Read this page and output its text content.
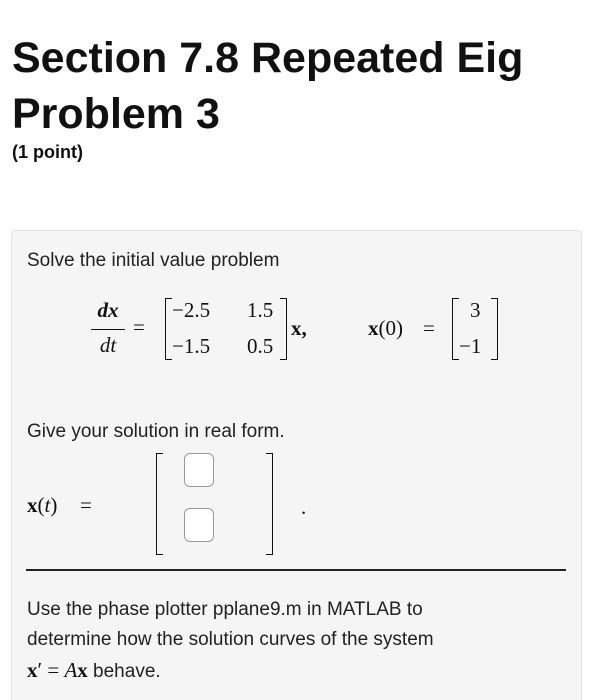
Section 7.8 Repeated Eig
Problem 3
(1 point)
Solve the initial value problem
dx
dt
=
−2.5 1.5
−1.5 0.5
x,	x(0) =
3
−1
Give your solution in real form.
x(t) =	.
Use the phase plotter pplane9.m in MATLAB to
determine how the solution curves of the system
x′ = Ax behave.
